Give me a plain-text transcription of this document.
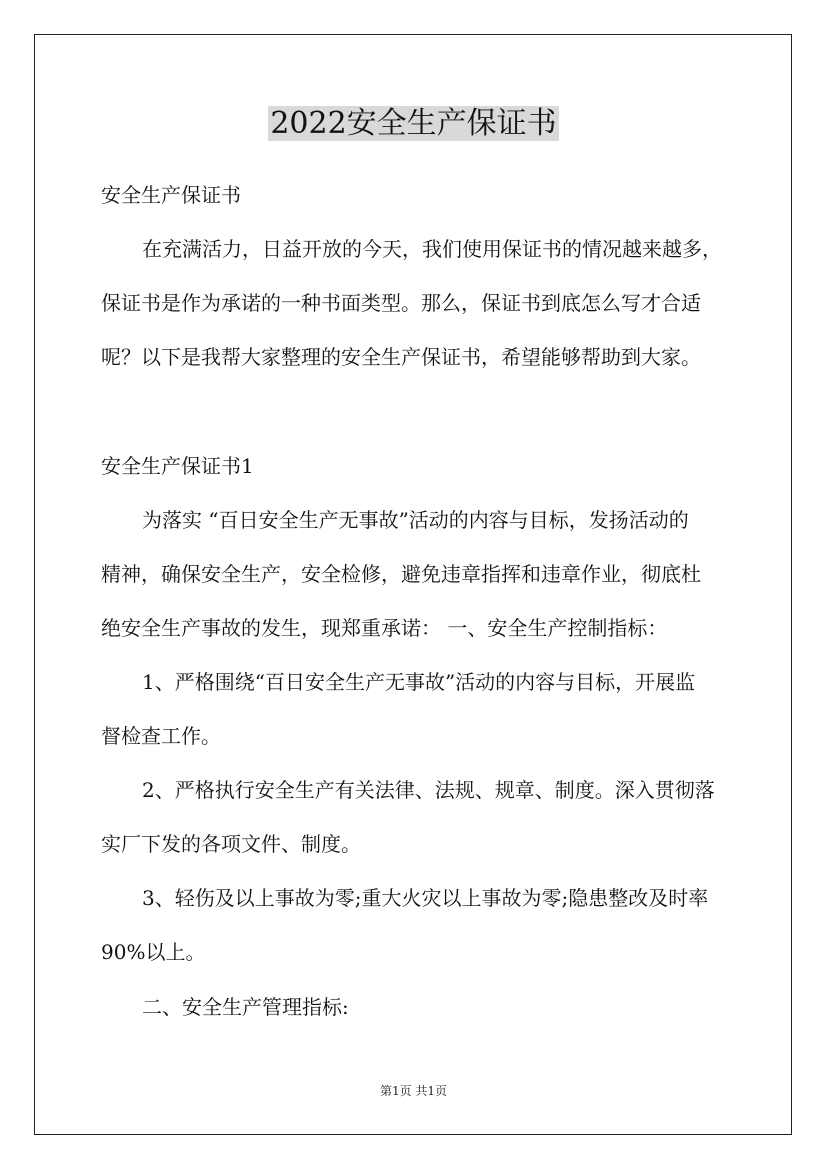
2022安全生产保证书
安全生产保证书
在充满活力，日益开放的今天，我们使用保证书的情况越来越多，
保证书是作为承诺的一种书面类型。那么，保证书到底怎么写才合适
呢？以下是我帮大家整理的安全生产保证书，希望能够帮助到大家。
安全生产保证书1
为落实 “百日安全生产无事故”活动的内容与目标，发扬活动的
精神，确保安全生产，安全检修，避免违章指挥和违章作业，彻底杜
绝安全生产事故的发生，现郑重承诺： 一、安全生产控制指标：
1、严格围绕“百日安全生产无事故”活动的内容与目标，开展监
督检查工作。
2、严格执行安全生产有关法律、法规、规章、制度。深入贯彻落
实厂下发的各项文件、制度。
3、轻伤及以上事故为零;重大火灾以上事故为零;隐患整改及时率
90%以上。
二、安全生产管理指标:
第1页 共1页
